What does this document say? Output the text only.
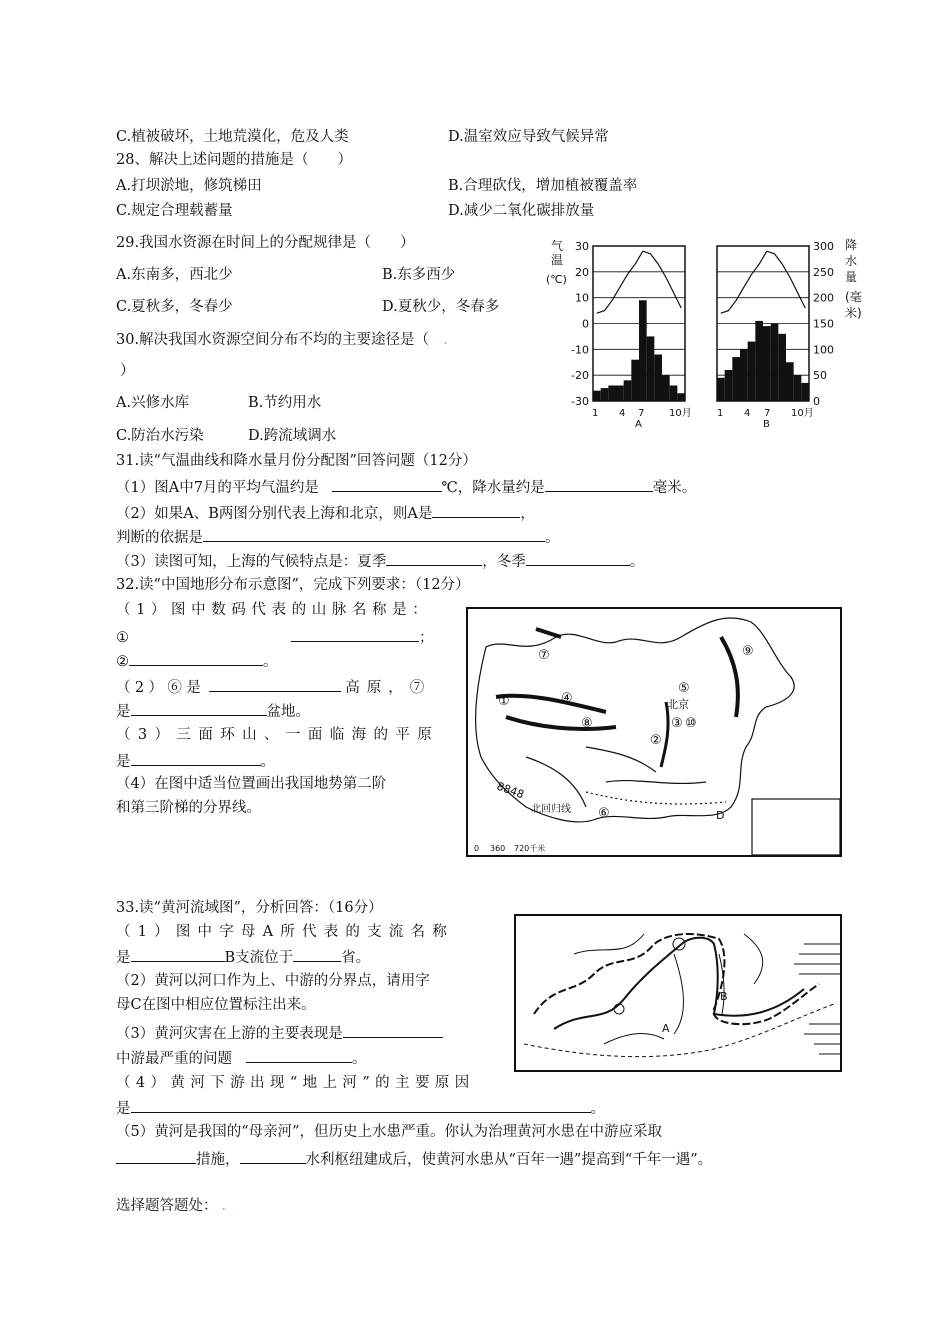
C.植被破坏，土地荒漠化，危及人类	D.温室效应导致气候异常
28、解决上述问题的措施是（　　）
A.打坝淤地，修筑梯田	B.合理砍伐，增加植被覆盖率
C.规定合理载蓄量	D.减少二氧化碳排放量
29.我国水资源在时间上的分配规律是（　　）
A.东南多，西北少	B.东多西少
C.夏秋多，冬春少	D.夏秋少，冬春多
30.解决我国水资源空间分布不均的主要途径是（ .
）
A.兴修水库	B.节约用水
C.防治水污染	D.跨流域调水
气
温
(℃)
30
20
10
0
-10
-20
-30
300
250
200
150
100
50
0
降
水
量
(毫
米)
1 4 7 10月
A
1 4 7 10月
B
31.读“气温曲线和降水量月份分配图”回答问题（12分）
（1）图A中7月的平均气温约是	℃，降水量约是	毫米。
（2）如果A、B两图分别代表上海和北京，则A是	，
判断的依据是	。
（3）读图可知，上海的气候特点是：夏季	，冬季	。
32.读“中国地形分布示意图”，完成下列要求：（12分）
（1）图中数码代表的山脉名称是：
①	；
②	。
（2）⑥是	高原，⑦
是	盆地。
（3）三面环山、一面临海的平原
是	。
（4）在图中适当位置画出我国地势第二阶
和第三阶梯的分界线。
⑦
①	④
⑧
⑤
⑨
③ ⑩
②
⑥
北京
8848
北回归线	D
0 360 720千米
33.读“黄河流域图”，分析回答：（16分）
（1）图中字母A所代表的支流名称
是	B支流位于	省。
（2）黄河以河口作为上、中游的分界点，请用字
母C在图中相应位置标注出来。
（3）黄河灾害在上游的主要表现是
中游最严重的问题	。
（4）黄河下游出现“地上河”的主要原因
是	。
（5）黄河是我国的“母亲河”，但历史上水患严重。你认为治理黄河水患在中游应采取
措施，	水利枢纽建成后，使黄河水患从“百年一遇”提高到“千年一遇”。
A
B
选择题答题处： .
